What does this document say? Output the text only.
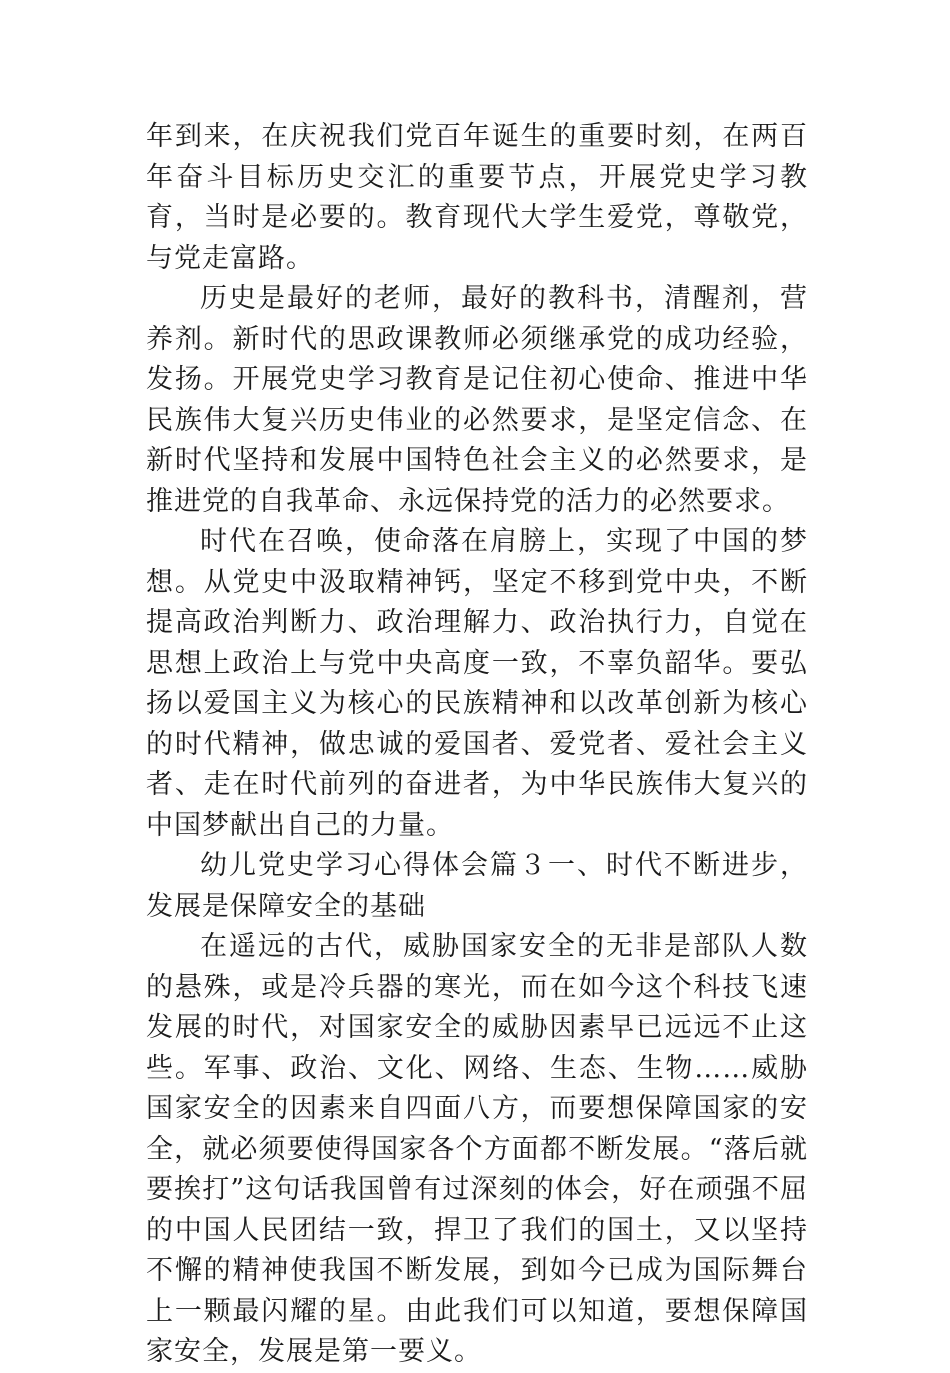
年到来，在庆祝我们党百年诞生的重要时刻，在两百年奋斗目标历史交汇的重要节点，开展党史学习教育，当时是必要的。教育现代大学生爱党，尊敬党，与党走富路。

历史是最好的老师，最好的教科书，清醒剂，营养剂。新时代的思政课教师必须继承党的成功经验，发扬。开展党史学习教育是记住初心使命、推进中华民族伟大复兴历史伟业的必然要求，是坚定信念、在新时代坚持和发展中国特色社会主义的必然要求，是推进党的自我革命、永远保持党的活力的必然要求。

时代在召唤，使命落在肩膀上，实现了中国的梦想。从党史中汲取精神钙，坚定不移到党中央，不断提高政治判断力、政治理解力、政治执行力，自觉在思想上政治上与党中央高度一致，不辜负韶华。要弘扬以爱国主义为核心的民族精神和以改革创新为核心的时代精神，做忠诚的爱国者、爱党者、爱社会主义者、走在时代前列的奋进者，为中华民族伟大复兴的中国梦献出自己的力量。

幼儿党史学习心得体会篇３一、时代不断进步，发展是保障安全的基础

在遥远的古代，威胁国家安全的无非是部队人数的悬殊，或是冷兵器的寒光，而在如今这个科技飞速发展的时代，对国家安全的威胁因素早已远远不止这些。军事、政治、文化、网络、生态、生物……威胁国家安全的因素来自四面八方，而要想保障国家的安全，就必须要使得国家各个方面都不断发展。“落后就要挨打”这句话我国曾有过深刻的体会，好在顽强不屈的中国人民团结一致，捍卫了我们的国土，又以坚持不懈的精神使我国不断发展，到如今已成为国际舞台上一颗最闪耀的星。由此我们可以知道，要想保障国家安全，发展是第一要义。
